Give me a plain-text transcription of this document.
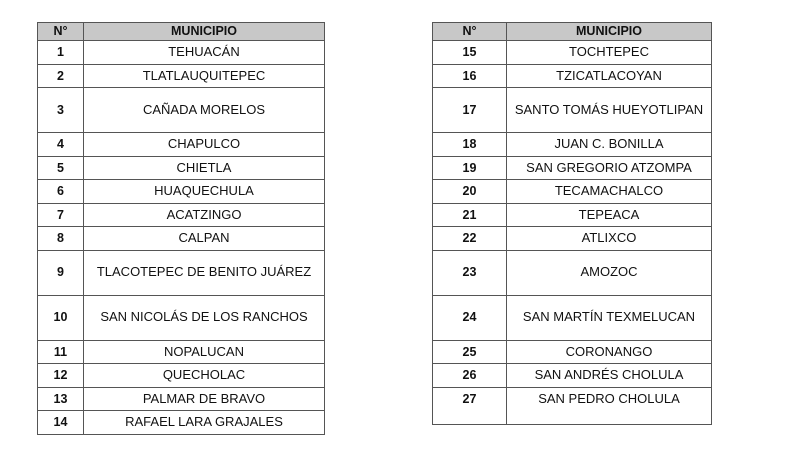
N°	MUNICIPIO
1	TEHUACÁN
2	TLATLAUQUITEPEC
3	CAÑADA MORELOS
4	CHAPULCO
5	CHIETLA
6	HUAQUECHULA
7	ACATZINGO
8	CALPAN
9	TLACOTEPEC DE BENITO JUÁREZ
10	SAN NICOLÁS DE LOS RANCHOS
11	NOPALUCAN
12	QUECHOLAC
13	PALMAR DE BRAVO
14	RAFAEL LARA GRAJALES
N°	MUNICIPIO
15	TOCHTEPEC
16	TZICATLACOYAN
17	SANTO TOMÁS HUEYOTLIPAN
18	JUAN C. BONILLA
19	SAN GREGORIO ATZOMPA
20	TECAMACHALCO
21	TEPEACA
22	ATLIXCO
23	AMOZOC
24	SAN MARTÍN TEXMELUCAN
25	CORONANGO
26	SAN ANDRÉS CHOLULA
27	SAN PEDRO CHOLULA
